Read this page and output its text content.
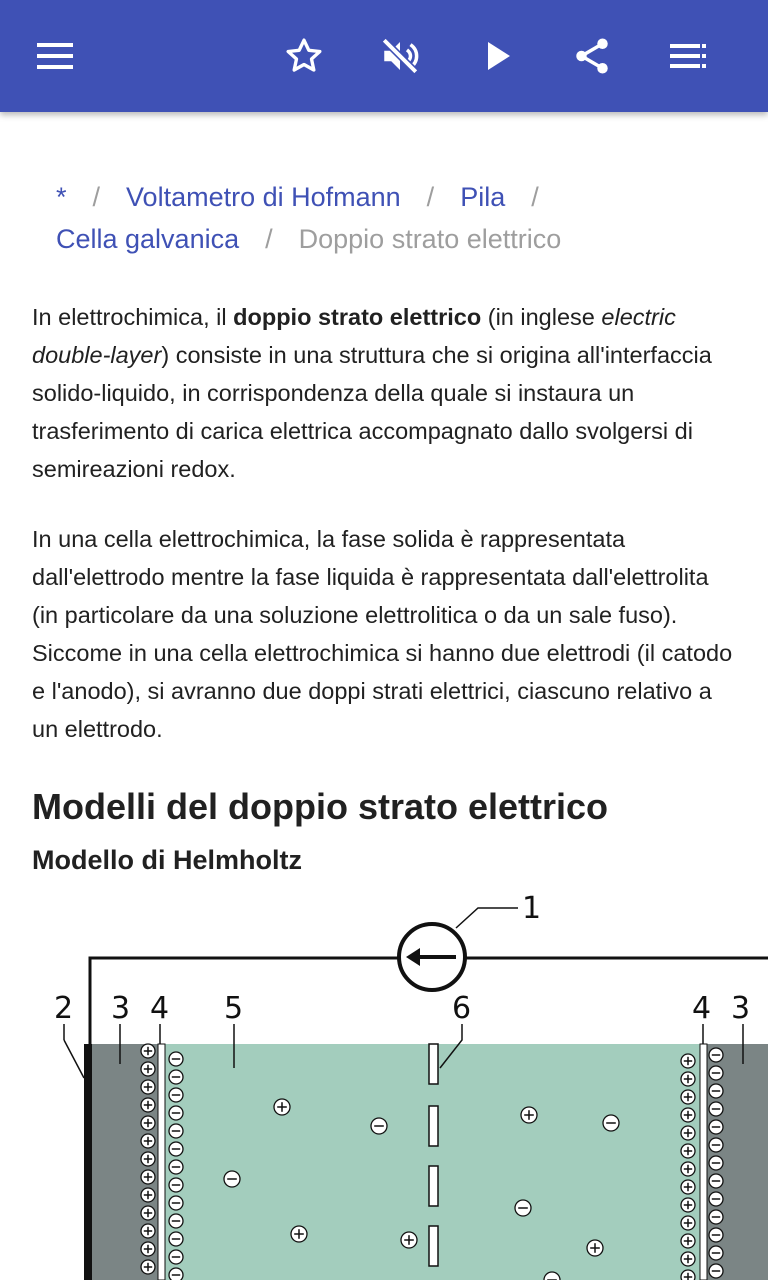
* / Voltametro di Hofmann / Pila /
Cella galvanica / Doppio strato elettrico

In elettrochimica, il doppio strato elettrico (in inglese electric double-layer) consiste in una struttura che si origina all'interfaccia solido-liquido, in corrispondenza della quale si instaura un trasferimento di carica elettrica accompagnato dallo svolgersi di semireazioni redox.

In una cella elettrochimica, la fase solida è rappresentata dall'elettrodo mentre la fase liquida è rappresentata dall'elettrolita (in particolare da una soluzione elettrolitica o da un sale fuso). Siccome in una cella elettrochimica si hanno due elettrodi (il catodo e l'anodo), si avranno due doppi strati elettrici, ciascuno relativo a un elettrodo.

Modelli del doppio strato elettrico
Modello di Helmholtz
1
2 3 4 5	6	4 3
